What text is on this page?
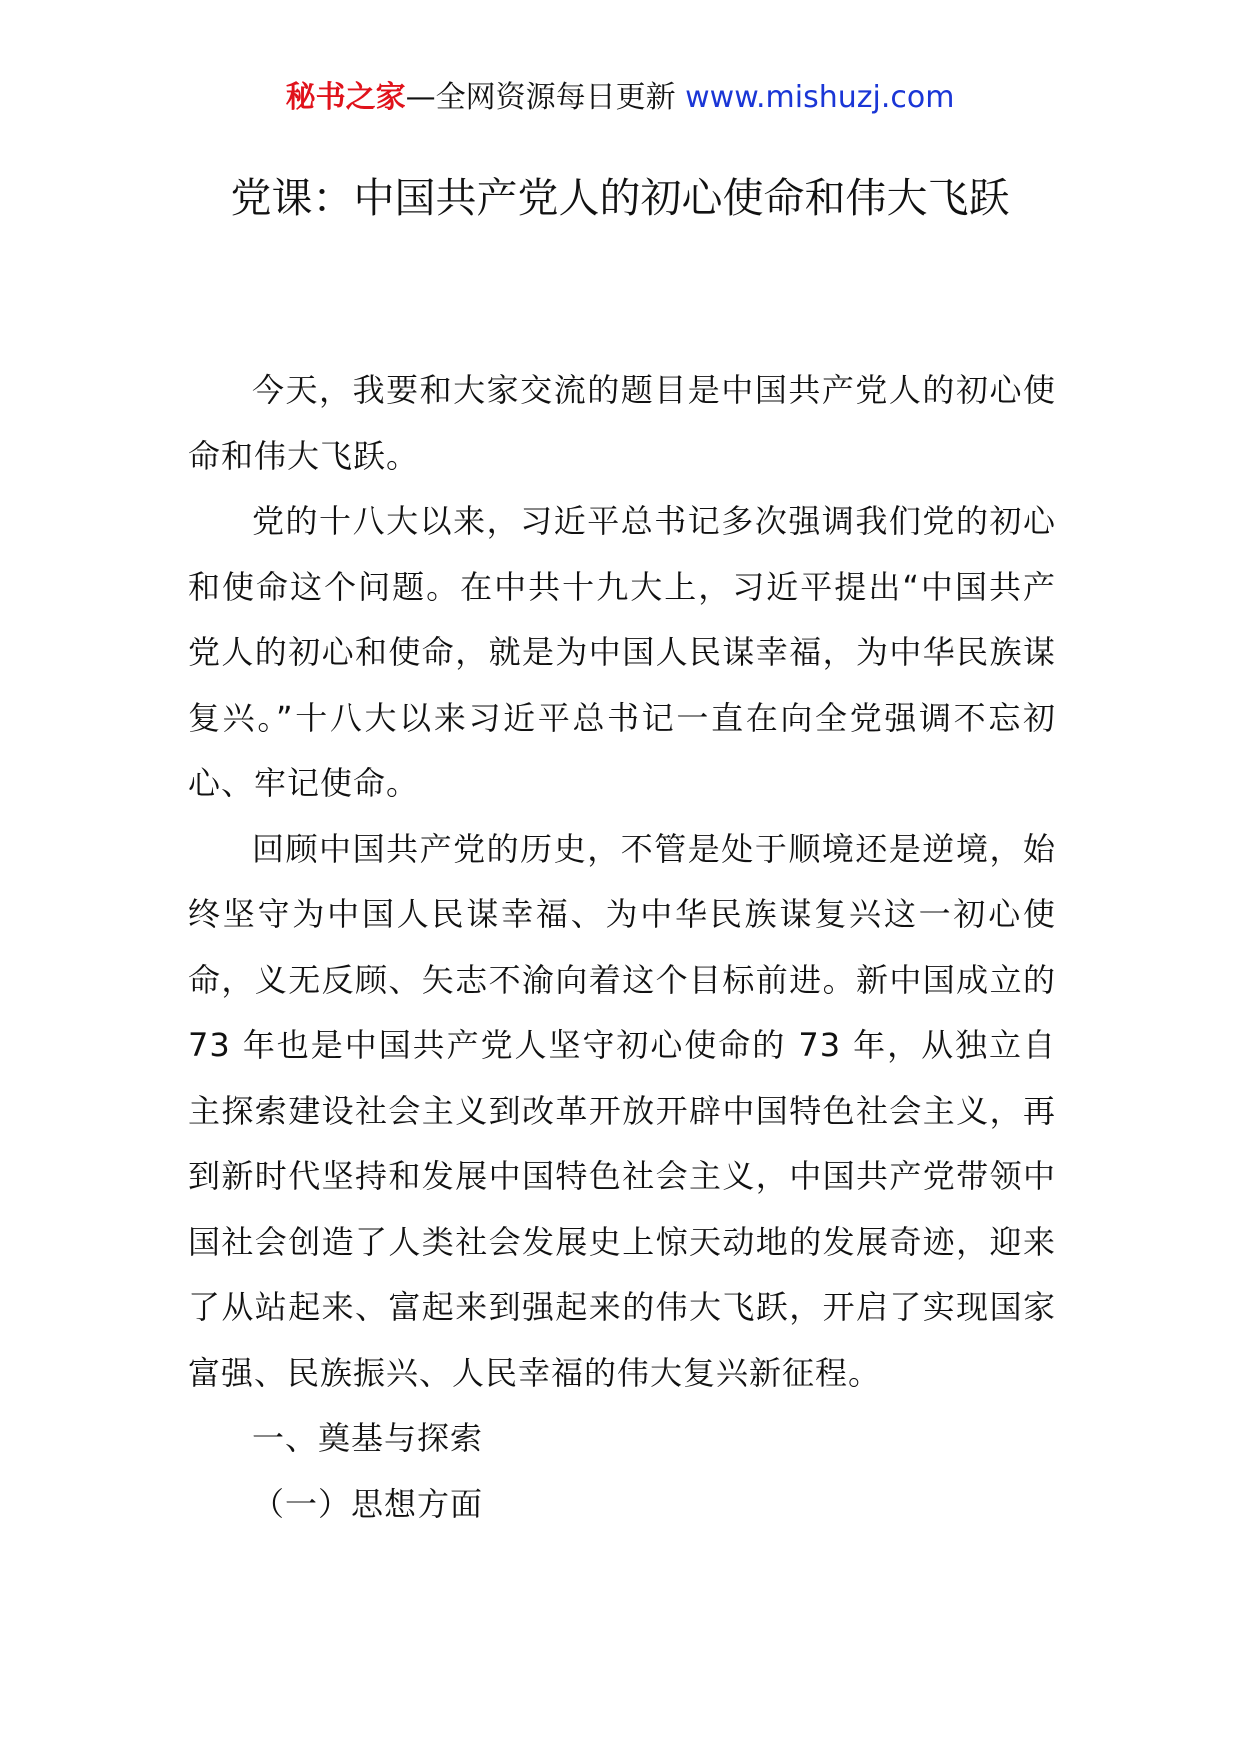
秘书之家—全网资源每日更新 www.mishuzj.com
党课：中国共产党人的初心使命和伟大飞跃

今天，我要和大家交流的题目是中国共产党人的初心使命和伟大飞跃。

党的十八大以来，习近平总书记多次强调我们党的初心和使命这个问题。在中共十九大上，习近平提出“中国共产党人的初心和使命，就是为中国人民谋幸福，为中华民族谋复兴。”十八大以来习近平总书记一直在向全党强调不忘初心、牢记使命。

回顾中国共产党的历史，不管是处于顺境还是逆境，始终坚守为中国人民谋幸福、为中华民族谋复兴这一初心使命，义无反顾、矢志不渝向着这个目标前进。新中国成立的 73 年也是中国共产党人坚守初心使命的 73 年，从独立自主探索建设社会主义到改革开放开辟中国特色社会主义，再到新时代坚持和发展中国特色社会主义，中国共产党带领中国社会创造了人类社会发展史上惊天动地的发展奇迹，迎来了从站起来、富起来到强起来的伟大飞跃，开启了实现国家富强、民族振兴、人民幸福的伟大复兴新征程。

一、奠基与探索

（一）思想方面
